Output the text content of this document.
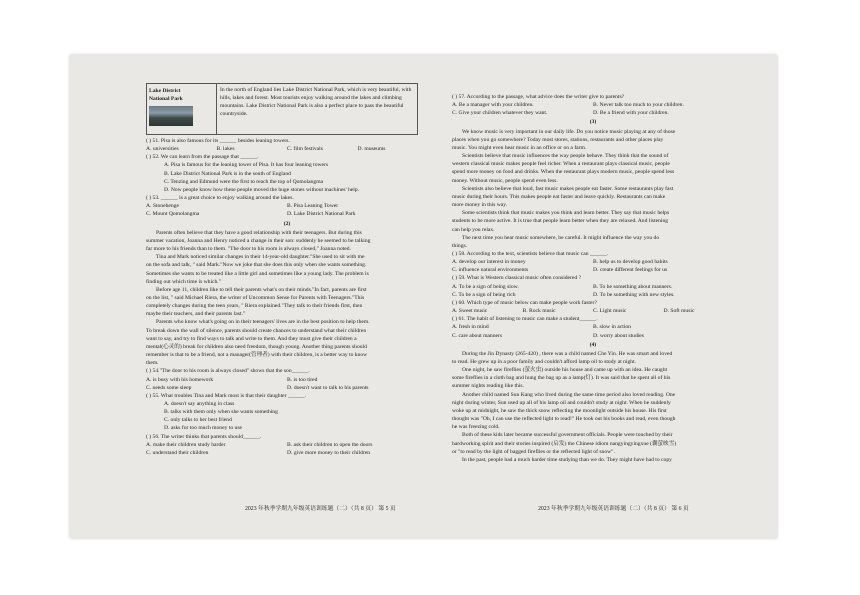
Lake District
National Park
In the north of England lies Lake District National Park, which is very beautiful, with hills, lakes and forest. Most tourists enjoy walking around the lakes and climbing mountains. Lake District National Park is also a perfect place to pass the beautiful countryside.
( ) 51. Pisa is also famous for its ______ besides leaning towers.
A. universities	B. lakes	C. film festivals	D. museums
( ) 52. We can learn from the passage that ______.
A. Pisa is famous for the leaning tower of Pisa. It has four leaning towers
B. Lake District National Park is in the south of England
C. Tenzing and Edmund were the first to reach the top of Qomolangma
D. Now people know how these people moved the huge stones without machines' help.
( ) 53. ______ is a great choice to enjoy walking around the lakes.
A. Stonehenge	B. Pisa Leaning Tower
C. Mount Qomolangma	D. Lake District National Park
(2)
Parents often believe that they have a good relationship with their teenagers. But during this
summer vacation, Joanna and Henry noticed a change in their son: suddenly he seemed to be talking
far more to his friends than to them. "The door to his room is always closed," Joanna noted.
Tina and Mark noticed similar changes in their 14-year-old daughter."She used to sit with me
on the sofa and talk, " said Mark."Now we joke that she does this only when she wants something.
Sometimes she wants to be treated like a little girl and sometimes like a young lady. The problem is
finding out which time is which."
Before age 11, children like to tell their parents what's on their minds."In fact, parents are first
on the list, " said Michael Riera, the writer of Uncommon Sense for Parents with Teenagers."This
completely changes during the teen years, " Riera explained."They talk to their friends first, then
maybe their teachers, and their parents last."
Parents who know what's going on in their teenagers' lives are in the best position to help them.
To break down the wall of silence, parents should create chances to understand what their children
want to say, and try to find ways to talk and write to them. And they must give their children a
mental(心灵的) break for children also need freedom, though young. Another thing parents should
remember is that to be a friend, not a manager(管理者) with their children, is a better way to know
them.
( ) 54."The door to his room is always closed" shows that the son______.
A. is busy with his homework	B. is too tired
C. needs some sleep	D. doesn't want to talk to his parents
( ) 55. What troubles Tina and Mark most is that their daughter ______.
A. doesn't say anything in class
B. talks with them only when she wants something
C. only talks to her best friend
D. asks for too much money to use
( ) 56. The writer thinks that parents should______.
A. make their children study harder	B. ask their children to open the doors
C. understand their children	D. give more money to their children
( ) 57. According to the passage, what advice does the writer give to parents?
A. Be a manager with your children.	B. Never talk too much to your children.
C. Give your children whatever they want.	D. Be a friend with your children.
(3)
We know music is very important in our daily life. Do you notice music playing at any of those
places when you go somewhere? Today most stores, stations, restaurants and other places play
music. You might even hear music in an office or on a farm.
Scientists believe that music influences the way people behave. They think that the sound of
western classical music makes people feel richer. When a restaurant plays classical music, people
spend more money on food and drinks. When the restaurant plays modern music, people spend less
money. Without music, people spend even less.
Scientists also believe that loud, fast music makes people eat faster. Some restaurants play fast
music during their hours. This makes people eat faster and leave quickly. Restaurants can make
more money in this way.
Some scientists think that music makes you think and learn better. They say that music helps
students to be more active. It is true that people learn better when they are relaxed. And listening
can help you relax.
The next time you hear music somewhere, be careful. It might influence the way you do
things.
( ) 58. According to the text, scientists believe that music can ______.
A. develop our interest in money	B. help us to develop good habits
C. influence natural environments	D. create different feelings for us
( ) 59. What is Western classical music often considered ?
A. To be a sign of being slow.	B. To be something about manners.
C. To be a sign of being rich	D. To be something with new styles.
( ) 60. Which type of music below can make people work faster?
A. Sweet music	B. Rock music	C. Light music	D. Soft music
( ) 61. The habit of listening to music can make a student______.
A. fresh in mind	B. slow in action
C. care about manners	D. worry about studies
(4)
During the Jin Dynasty (265-420) , there was a child named Che Yin. He was smart and loved
to read. He grew up in a poor family and couldn't afford lamp oil to study at night.
One night, he saw fireflies (萤火虫) outside his house and came up with an idea. He caught
some fireflies in a cloth bag and hung the bag up as a lamp(灯). It was said that he spent all of his
summer nights reading like this.
Another child named Sun Kang who lived during the same time period also loved reading. One
night during winter, Sun used up all of his lamp oil and couldn't study at night. When he suddenly
woke up at midnight, he saw the thick snow reflecting the moonlight outside his house. His first
thought was "Oh, I can use the reflected light to read!" He took out his books and read, even though
he was freezing cold.
Both of these kids later became successful government officials. People were touched by their
hardworking spirit and their stories inspired (启发) the Chinese idiom nangyingyingxue (囊萤映雪)
or "to read by the light of bagged fireflies or the reflected light of snow".
In the past, people had a much harder time studying than we do. They might have had to copy
2023 年秋季学期九年级英语训练题（二）（共 8 页） 第 5 页	2023 年秋季学期九年级英语训练题（二）（共 8 页） 第 6 页
